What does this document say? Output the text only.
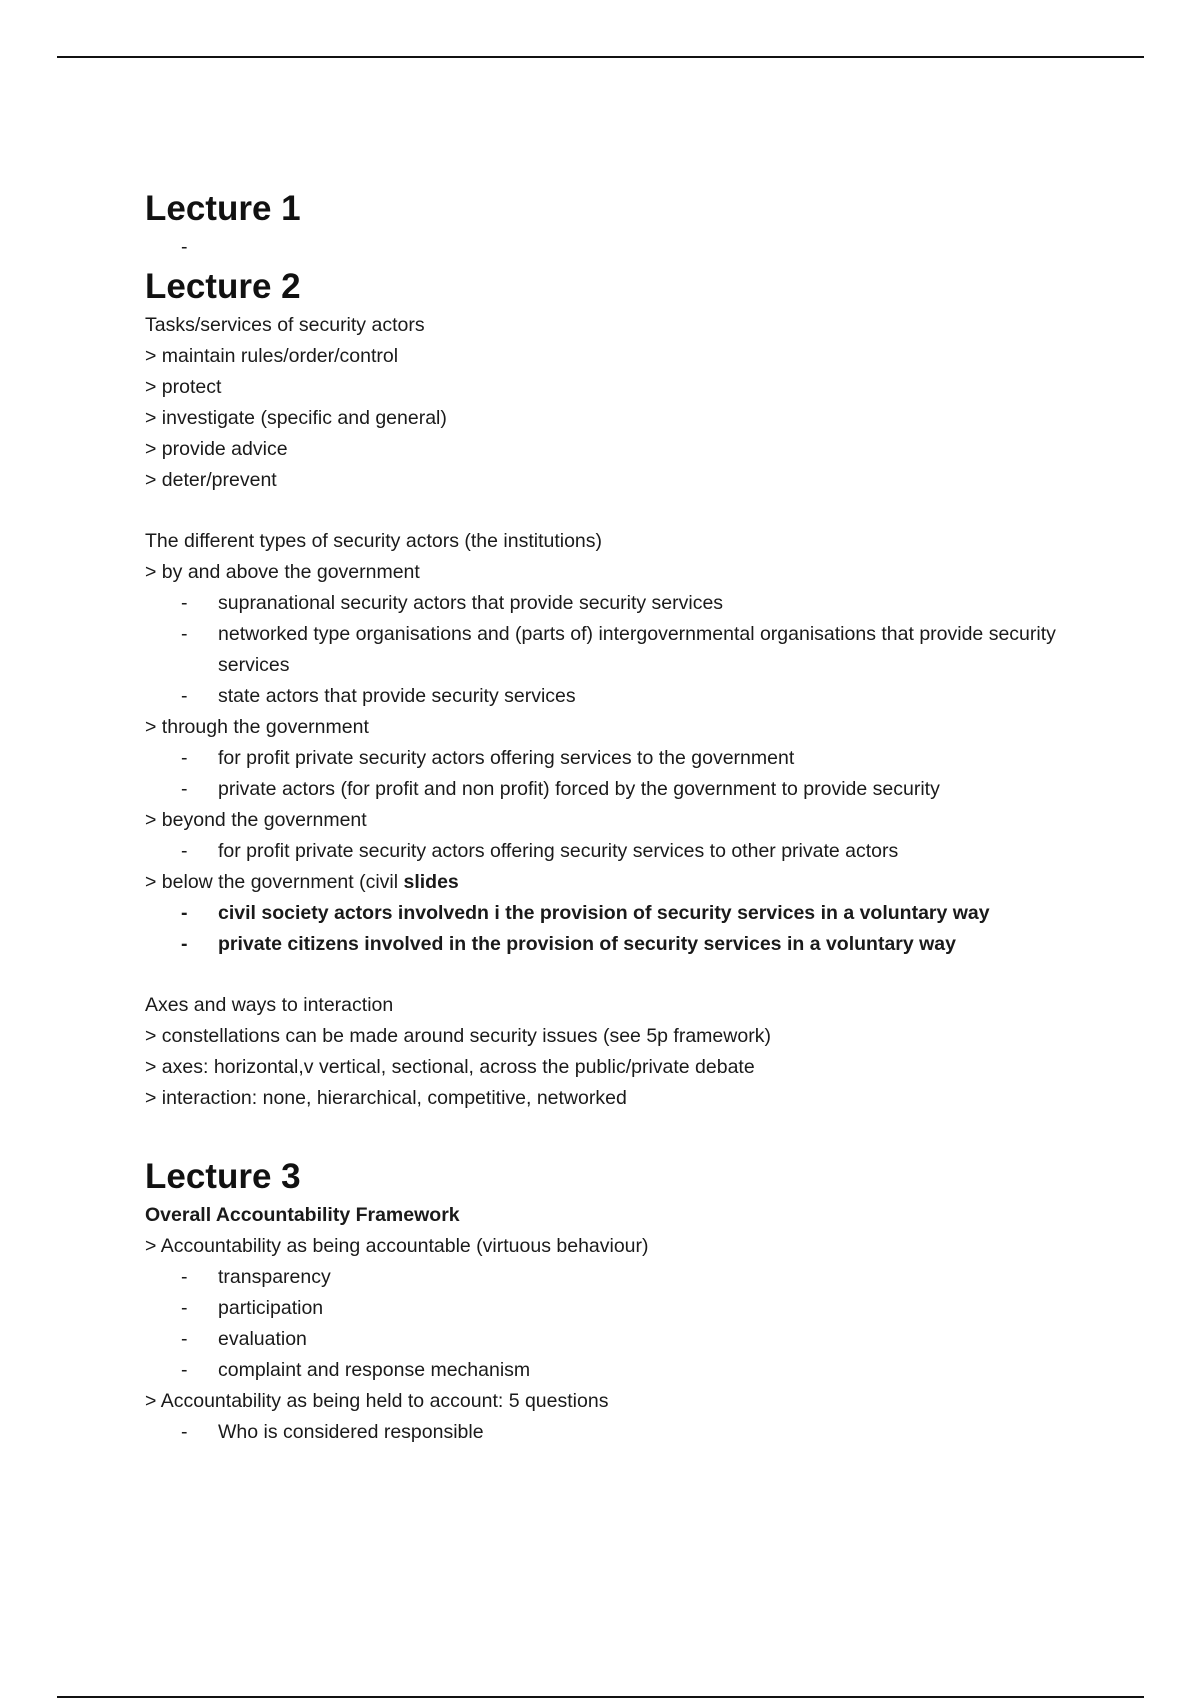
Lecture 1
-
Lecture 2
Tasks/services of security actors
> maintain rules/order/control
> protect
> investigate (specific and general)
> provide advice
> deter/prevent
The different types of security actors (the institutions)
> by and above the government
- supranational security actors that provide security services
- networked type organisations and (parts of) intergovernmental organisations that provide security services
- state actors that provide security services
> through the government
- for profit private security actors offering services to the government
- private actors (for profit and non profit) forced by the government to provide security
> beyond the government
- for profit private security actors offering security services to other private actors
> below the government (civil slides
- civil society actors involvedn i the provision of security services in a voluntary way
- private citizens involved in the provision of security services in a voluntary way
Axes and ways to interaction
> constellations can be made around security issues (see 5p framework)
> axes: horizontal,v vertical, sectional, across the public/private debate
> interaction: none, hierarchical, competitive, networked
Lecture 3
Overall Accountability Framework
> Accountability as being accountable (virtuous behaviour)
- transparency
- participation
- evaluation
- complaint and response mechanism
> Accountability as being held to account: 5 questions
- Who is considered responsible
